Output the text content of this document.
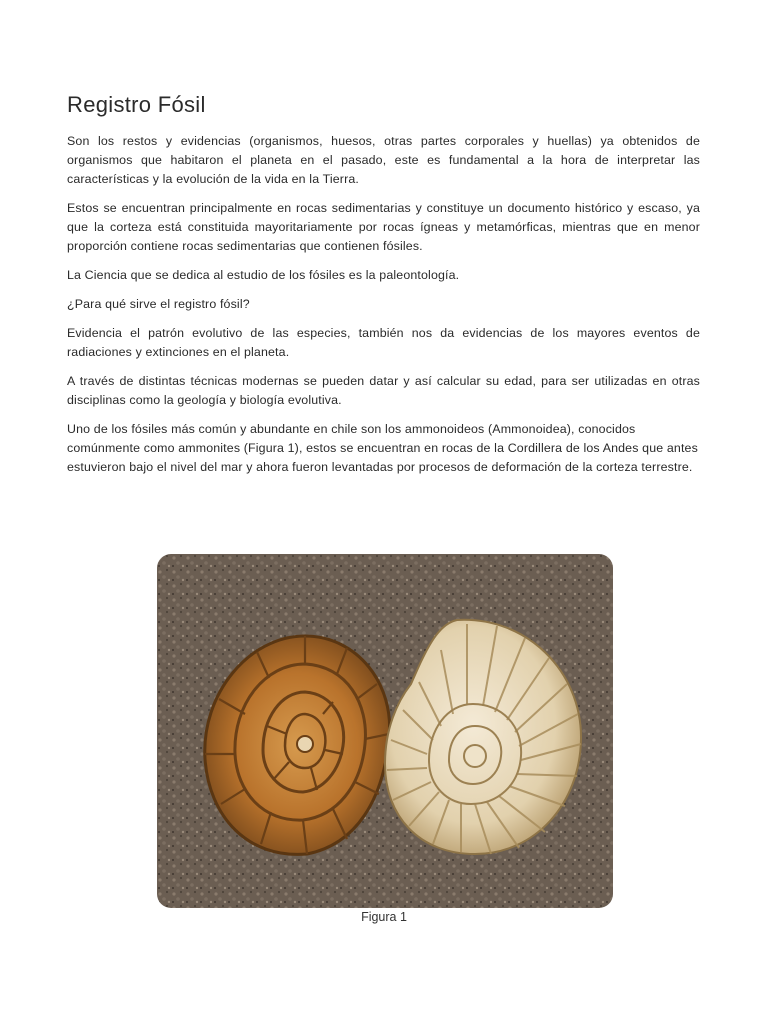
Registro Fósil

Son los restos y evidencias (organismos, huesos, otras partes corporales y huellas) ya obtenidos de organismos que habitaron el planeta en el pasado, este es fundamental a la hora de interpretar las características y la evolución de la vida en la Tierra.

Estos se encuentran principalmente en rocas sedimentarias y constituye un documento histórico y escaso, ya que la corteza está constituida mayoritariamente por rocas ígneas y metamórficas, mientras que en menor proporción contiene rocas sedimentarias que contienen fósiles.

La Ciencia que se dedica al estudio de los fósiles es la paleontología.

¿Para qué sirve el registro fósil?

Evidencia el patrón evolutivo de las especies, también nos da evidencias de los mayores eventos de radiaciones y extinciones en el planeta.

A través de distintas técnicas modernas se pueden datar y así calcular su edad, para ser utilizadas en otras disciplinas como la geología y biología evolutiva.

Uno de los fósiles más común y abundante en chile son los ammonoideos (Ammonoidea), conocidos comúnmente como ammonites (Figura 1), estos se encuentran en rocas de la Cordillera de los Andes que antes estuvieron bajo el nivel del mar y ahora fueron levantadas por procesos de deformación de la corteza terrestre.

Figura 1
